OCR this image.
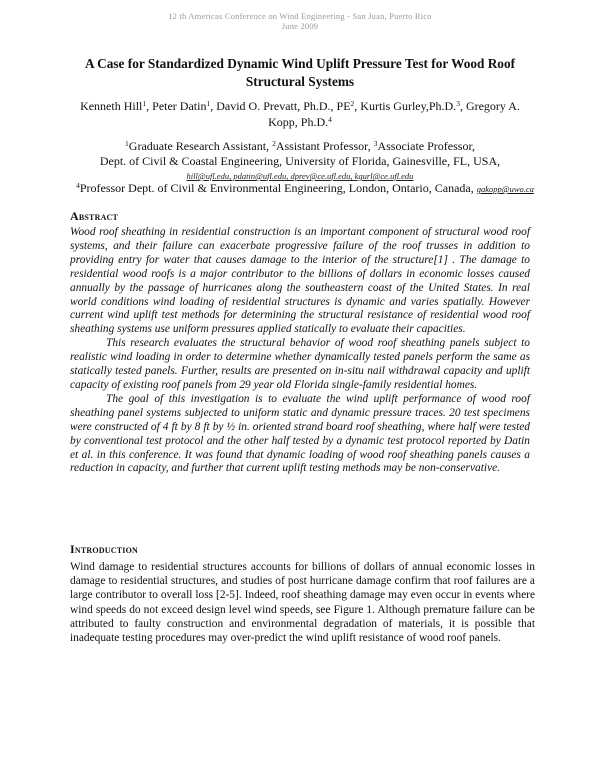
12 th Americas Conference on Wind Engineering - San Juan, Puerto Rico
June 2009
A Case for Standardized Dynamic Wind Uplift Pressure Test for Wood Roof
Structural Systems
Kenneth Hill$^1$, Peter Datin$^1$, David O. Prevatt, Ph.D., $PE^2$, Kurtis Gurley,Ph.D.$^3$, Gregory A. Kopp, Ph.D.$^4$
$^1$Graduate Research Assistant, $^2$Assistant Professor, $^3$Associate Professor,
Dept. of Civil & Coastal Engineering, University of Florida, Gainesville, FL, USA,
hill@ufl.edu, pdatin@ufl.edu, dprev@ce.ufl.edu, kgurl@ce.ufl.edu
$^4$Professor Dept. of Civil & Environmental Engineering, London, Ontario, Canada, gakopp@uwo.ca
Abstract

Wood roof sheathing in residential construction is an important component of structural wood roof systems, and their failure can exacerbate progressive failure of the roof trusses in addition to providing entry for water that causes damage to the interior of the structure[1] . The damage to residential wood roofs is a major contributor to the billions of dollars in economic losses caused annually by the passage of hurricanes along the southeastern coast of the United States. In real world conditions wind loading of residential structures is dynamic and varies spatially. However current wind uplift test methods for determining the structural resistance of residential wood roof sheathing systems use uniform pressures applied statically to evaluate their capacities.

This research evaluates the structural behavior of wood roof sheathing panels subject to realistic wind loading in order to determine whether dynamically tested panels perform the same as statically tested panels. Further, results are presented on in-situ nail withdrawal capacity and uplift capacity of existing roof panels from 29 year old Florida single-family residential homes.

The goal of this investigation is to evaluate the wind uplift performance of wood roof sheathing panel systems subjected to uniform static and dynamic pressure traces. 20 test specimens were constructed of 4 ft by 8 ft by ½ in. oriented strand board roof sheathing, where half were tested by conventional test protocol and the other half tested by a dynamic test protocol reported by Datin et al. in this conference. It was found that dynamic loading of wood roof sheathing panels causes a reduction in capacity, and further that current uplift testing methods may be non-conservative.

Introduction

Wind damage to residential structures accounts for billions of dollars of annual economic losses in damage to residential structures, and studies of post hurricane damage confirm that roof failures are a large contributor to overall loss [2-5]. Indeed, roof sheathing damage may even occur in events where wind speeds do not exceed design level wind speeds, see Figure 1. Although premature failure can be attributed to faulty construction and environmental degradation of materials, it is possible that inadequate testing procedures may over-predict the wind uplift resistance of wood roof panels.
